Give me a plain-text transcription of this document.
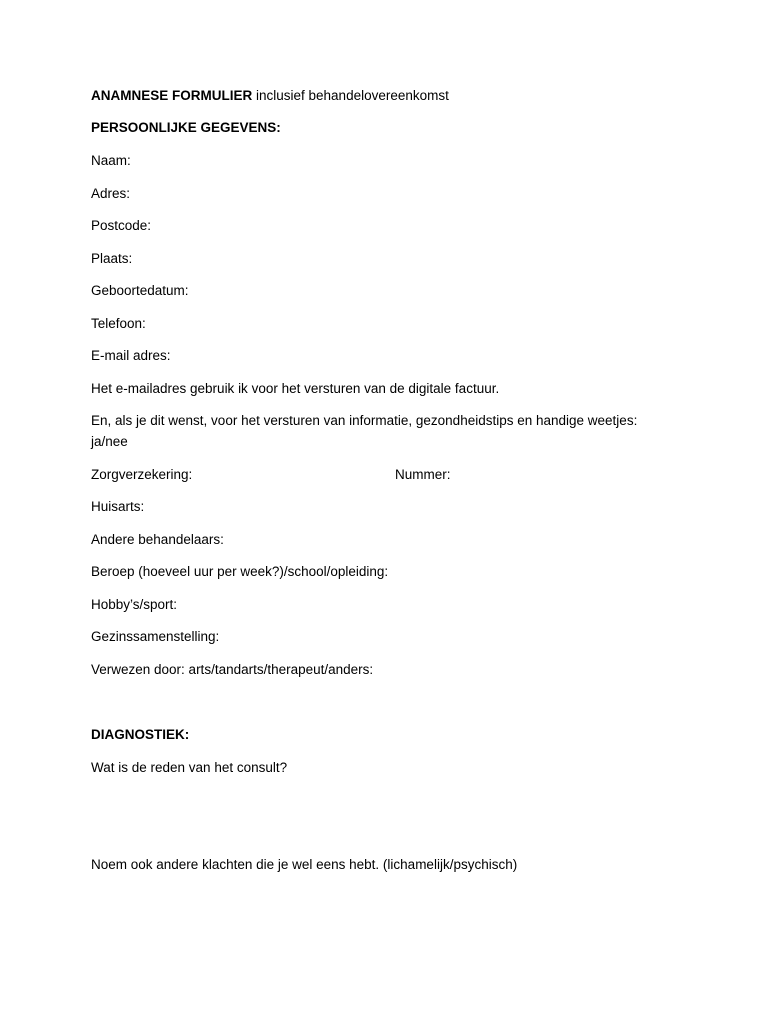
ANAMNESE FORMULIER inclusief behandelovereenkomst
PERSOONLIJKE GEGEVENS:
Naam:
Adres:
Postcode:
Plaats:
Geboortedatum:
Telefoon:
E-mail adres:
Het e-mailadres gebruik ik voor het versturen van de digitale factuur.
En, als je dit wenst, voor het versturen van informatie, gezondheidstips en handige weetjes:
ja/nee
Zorgverzekering:	Nummer:
Huisarts:
Andere behandelaars:
Beroep (hoeveel uur per week?)/school/opleiding:
Hobby’s/sport:
Gezinssamenstelling:
Verwezen door: arts/tandarts/therapeut/anders:
DIAGNOSTIEK:
Wat is de reden van het consult?
Noem ook andere klachten die je wel eens hebt. (lichamelijk/psychisch)
